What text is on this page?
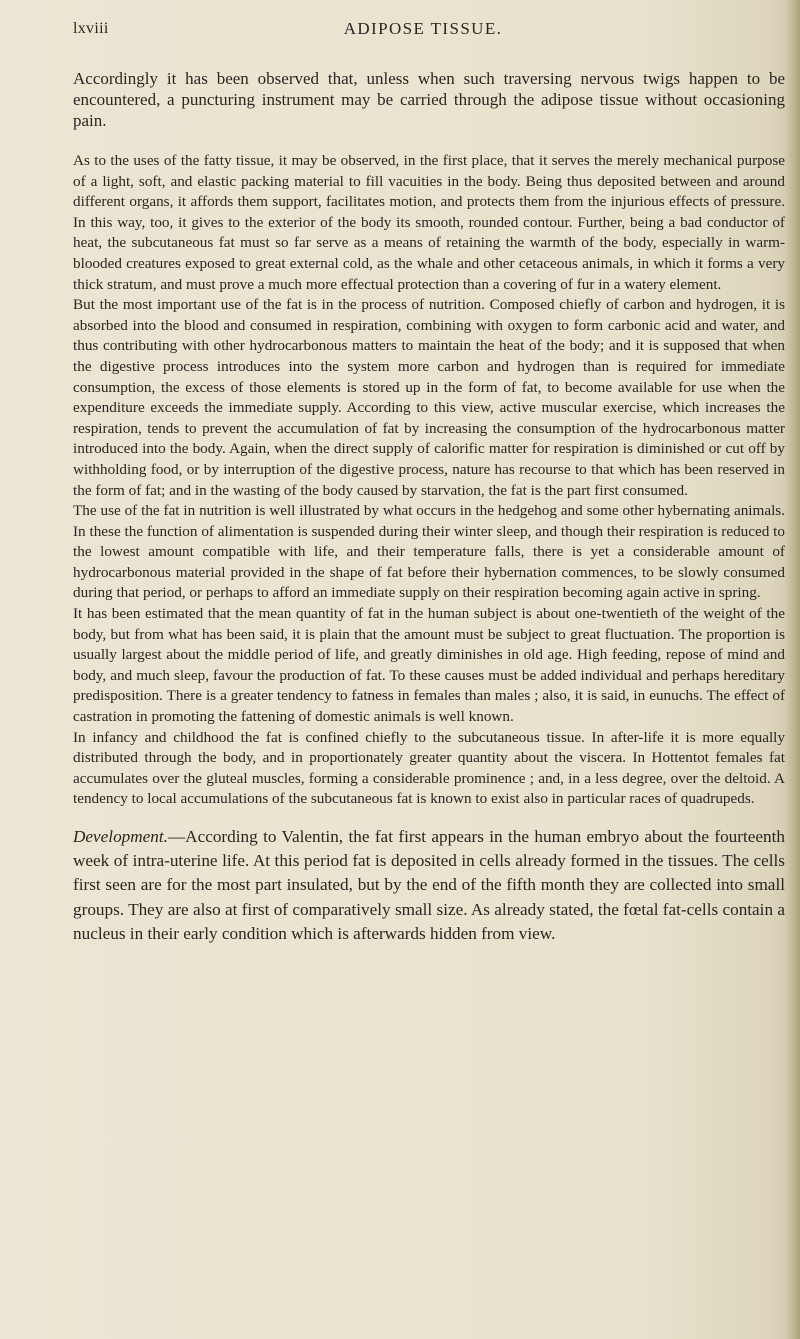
lxviii	ADIPOSE TISSUE.

Accordingly it has been observed that, unless when such traversing nervous twigs happen to be encountered, a puncturing instrument may be carried through the adipose tissue without occasioning pain.

As to the uses of the fatty tissue, it may be observed, in the first place, that it serves the merely mechanical purpose of a light, soft, and elastic packing material to fill vacuities in the body. Being thus deposited between and around different organs, it affords them support, facilitates motion, and protects them from the injurious effects of pressure. In this way, too, it gives to the exterior of the body its smooth, rounded contour. Further, being a bad conductor of heat, the subcutaneous fat must so far serve as a means of retaining the warmth of the body, especially in warm-blooded creatures exposed to great external cold, as the whale and other cetaceous animals, in which it forms a very thick stratum, and must prove a much more effectual protection than a covering of fur in a watery element.

But the most important use of the fat is in the process of nutrition. Composed chiefly of carbon and hydrogen, it is absorbed into the blood and consumed in respiration, combining with oxygen to form carbonic acid and water, and thus contributing with other hydrocarbonous matters to maintain the heat of the body; and it is supposed that when the digestive process introduces into the system more carbon and hydrogen than is required for immediate consumption, the excess of those elements is stored up in the form of fat, to become available for use when the expenditure exceeds the immediate supply. According to this view, active muscular exercise, which increases the respiration, tends to prevent the accumulation of fat by increasing the consumption of the hydrocarbonous matter introduced into the body. Again, when the direct supply of calorific matter for respiration is diminished or cut off by withholding food, or by interruption of the digestive process, nature has recourse to that which has been reserved in the form of fat; and in the wasting of the body caused by starvation, the fat is the part first consumed.

The use of the fat in nutrition is well illustrated by what occurs in the hedgehog and some other hybernating animals. In these the function of alimentation is suspended during their winter sleep, and though their respiration is reduced to the lowest amount compatible with life, and their temperature falls, there is yet a considerable amount of hydrocarbonous material provided in the shape of fat before their hybernation commences, to be slowly consumed during that period, or perhaps to afford an immediate supply on their respiration becoming again active in spring.

It has been estimated that the mean quantity of fat in the human subject is about one-twentieth of the weight of the body, but from what has been said, it is plain that the amount must be subject to great fluctuation. The proportion is usually largest about the middle period of life, and greatly diminishes in old age. High feeding, repose of mind and body, and much sleep, favour the production of fat. To these causes must be added individual and perhaps hereditary predisposition. There is a greater tendency to fatness in females than males ; also, it is said, in eunuchs. The effect of castration in promoting the fattening of domestic animals is well known.

In infancy and childhood the fat is confined chiefly to the subcutaneous tissue. In after-life it is more equally distributed through the body, and in proportionately greater quantity about the viscera. In Hottentot females fat accumulates over the gluteal muscles, forming a considerable prominence ; and, in a less degree, over the deltoid. A tendency to local accumulations of the subcutaneous fat is known to exist also in particular races of quadrupeds.

Development.—According to Valentin, the fat first appears in the human embryo about the fourteenth week of intra-uterine life. At this period fat is deposited in cells already formed in the tissues. The cells first seen are for the most part insulated, but by the end of the fifth month they are collected into small groups. They are also at first of comparatively small size. As already stated, the fœtal fat-cells contain a nucleus in their early condition which is afterwards hidden from view.
